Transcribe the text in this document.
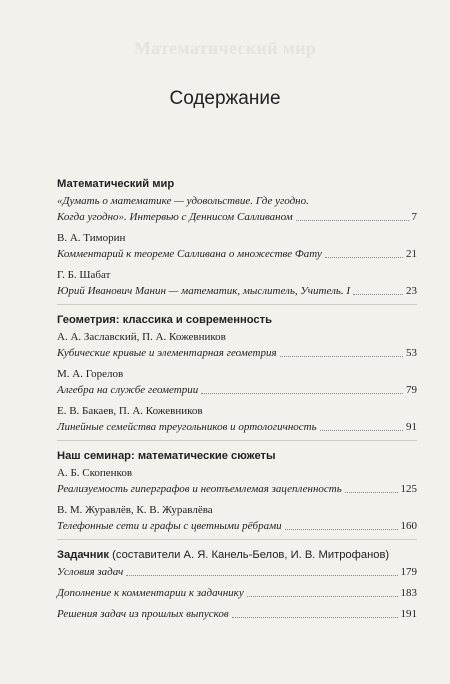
Математический мир
Содержание
Математический мир
«Думать о математике — удовольствие. Где угодно.
Когда угодно». Интервью с Деннисом Салливаном	7
В. А. Тиморин
Комментарий к теореме Салливана о множестве Фату	21
Г. Б. Шабат
Юрий Иванович Манин — математик, мыслитель, Учитель. I	23
Геометрия: классика и современность
А. А. Заславский, П. А. Кожевников
Кубические кривые и элементарная геометрия	53
М. А. Горелов
Алгебра на службе геометрии	79
Е. В. Бакаев, П. А. Кожевников
Линейные семейства треугольников и ортологичность	91
Наш семинар: математические сюжеты
А. Б. Скопенков
Реализуемость гиперграфов и неотъемлемая зацепленность	125
В. М. Журавлёв, К. В. Журавлёва
Телефонные сети и графы с цветными рёбрами	160
Задачник (составители А. Я. Канель-Белов, И. В. Митрофанов)
Условия задач	179
Дополнение к комментарии к задачнику	183
Решения задач из прошлых выпусков	191
